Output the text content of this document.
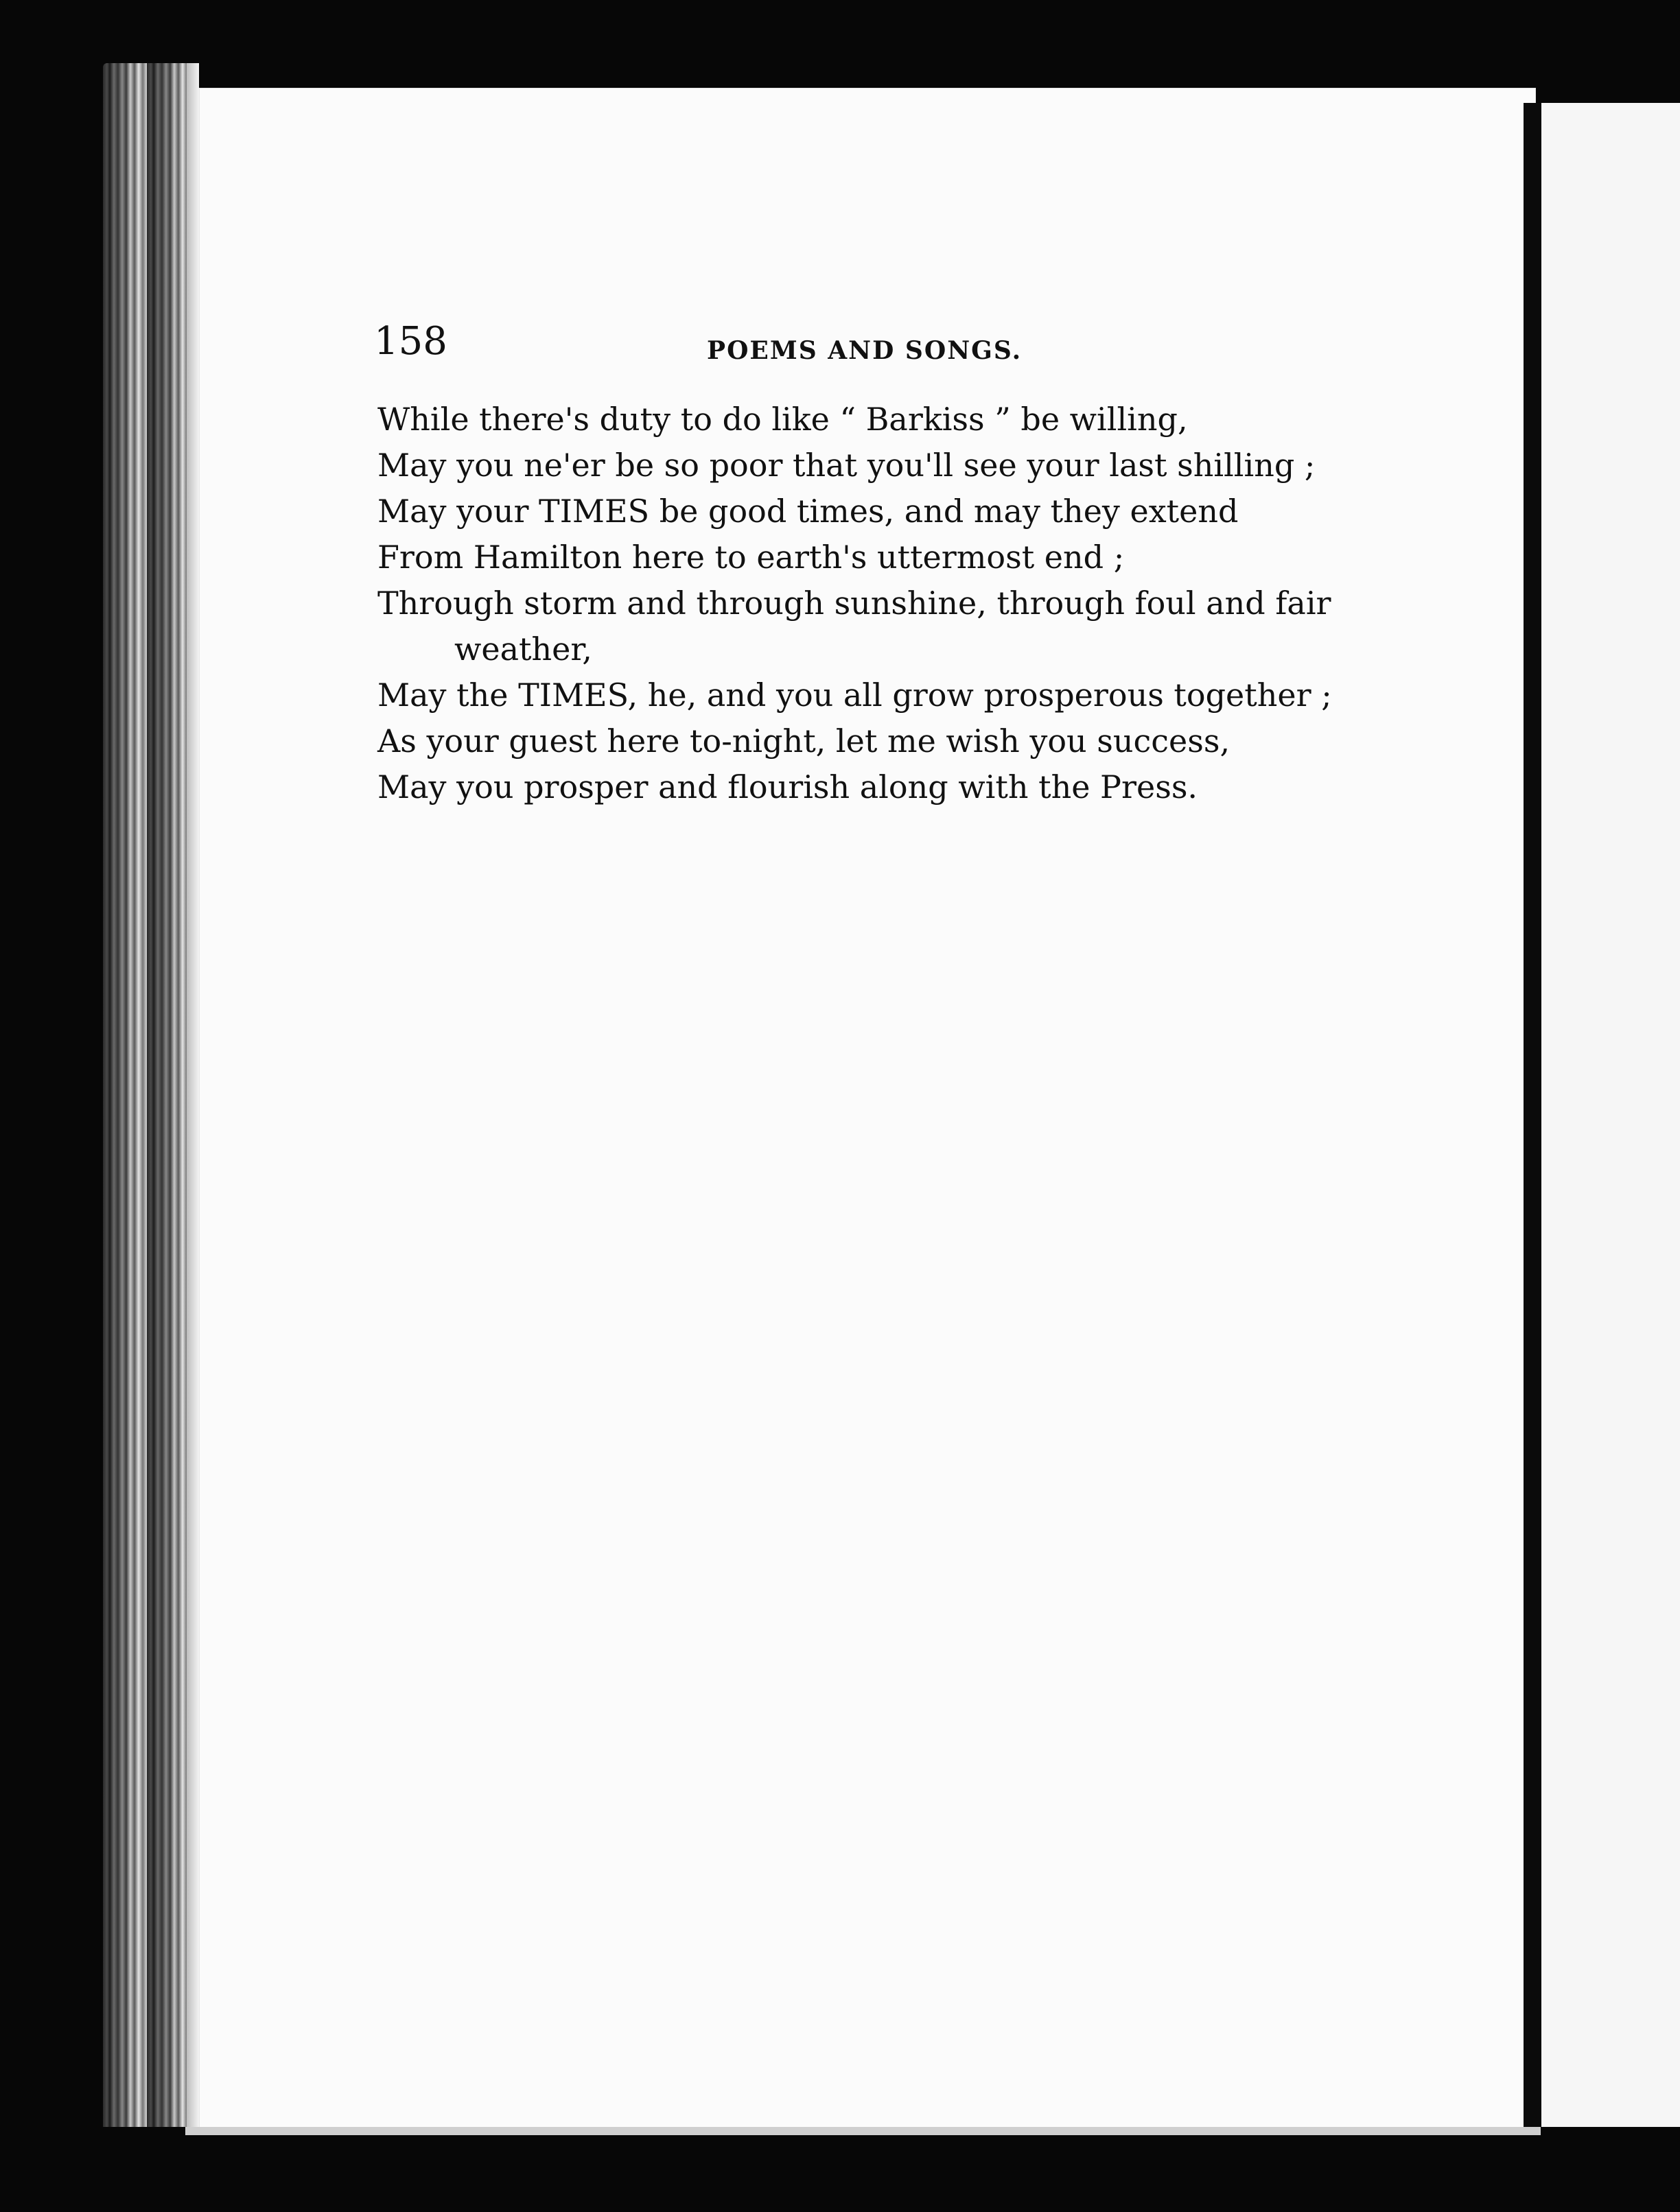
158	POEMS AND SONGS.
While there's duty to do like “ Barkiss ” be willing,
May you ne'er be so poor that you'll see your last shilling ;
May your TIMES be good times, and may they extend
From Hamilton here to earth's uttermost end ;
Through storm and through sunshine, through foul and fair
weather,
May the TIMES, he, and you all grow prosperous together ;
As your guest here to-night, let me wish you success,
May you prosper and flourish along with the Press.
